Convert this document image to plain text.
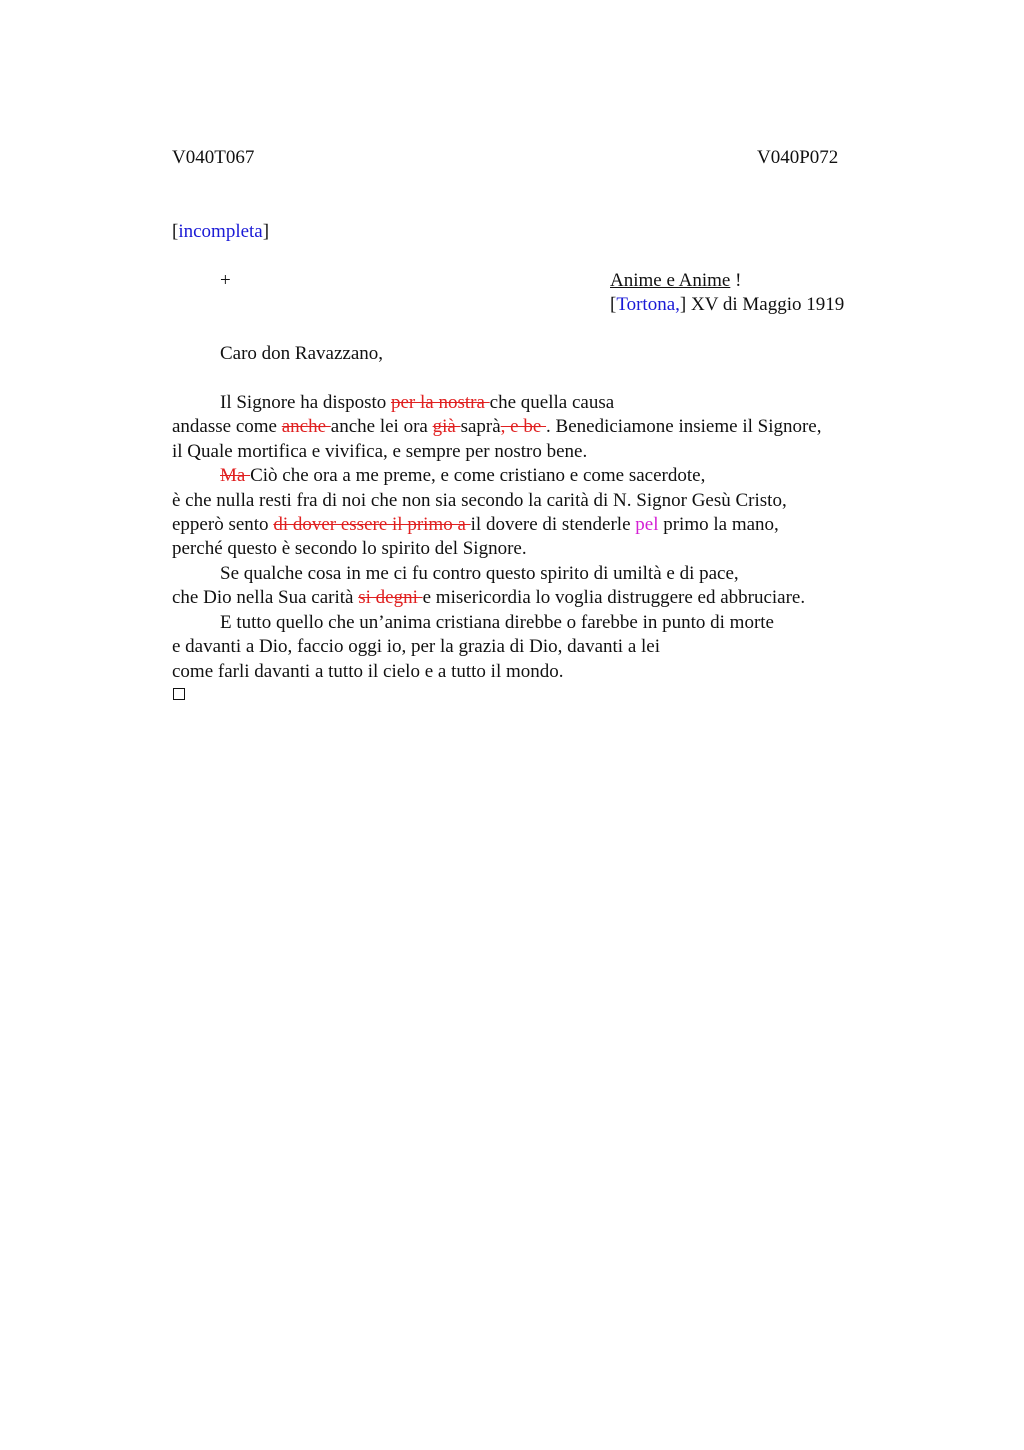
V040T067	V040P072
[incompleta]
+	Anime e Anime !
[Tortona,] XV di Maggio 1919
Caro don Ravazzano,
Il Signore ha disposto per la nostra che quella causa
andasse come anche anche lei ora già saprà, e be . Benediciamone insieme il Signore,
il Quale mortifica e vivifica, e sempre per nostro bene.
Ma Ciò che ora a me preme, e come cristiano e come sacerdote,
è che nulla resti fra di noi che non sia secondo la carità di N. Signor Gesù Cristo,
epperò sento di dover essere il primo a il dovere di stenderle pel primo la mano,
perché questo è secondo lo spirito del Signore.
Se qualche cosa in me ci fu contro questo spirito di umiltà e di pace,
che Dio nella Sua carità si degni e misericordia lo voglia distruggere ed abbruciare.
E tutto quello che un’anima cristiana direbbe o farebbe in punto di morte
e davanti a Dio, faccio oggi io, per la grazia di Dio, davanti a lei
come farli davanti a tutto il cielo e a tutto il mondo.
